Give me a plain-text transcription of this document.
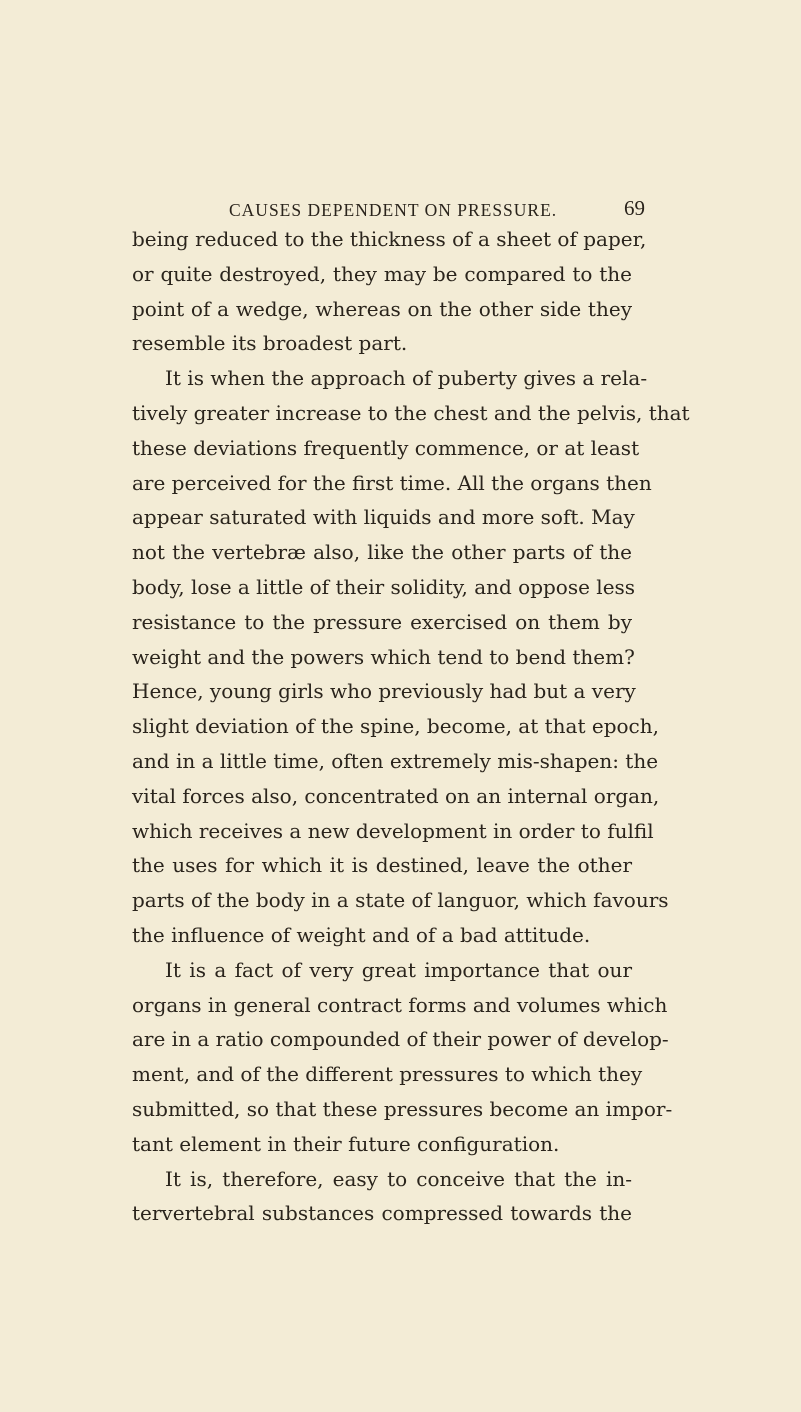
CAUSES DEPENDENT ON PRESSURE.	69
being reduced to the thickness of a sheet of paper,
or quite destroyed, they may be compared to the
point of a wedge, whereas on the other side they
resemble its broadest part.
It is when the approach of puberty gives a rela-
tively greater increase to the chest and the pelvis, that
these deviations frequently commence, or at least
are perceived for the first time. All the organs then
appear saturated with liquids and more soft. May
not the vertebræ also, like the other parts of the
body, lose a little of their solidity, and oppose less
resistance to the pressure exercised on them by
weight and the powers which tend to bend them?
Hence, young girls who previously had but a very
slight deviation of the spine, become, at that epoch,
and in a little time, often extremely mis-shapen: the
vital forces also, concentrated on an internal organ,
which receives a new development in order to fulfil
the uses for which it is destined, leave the other
parts of the body in a state of languor, which favours
the influence of weight and of a bad attitude.
It is a fact of very great importance that our
organs in general contract forms and volumes which
are in a ratio compounded of their power of develop-
ment, and of the different pressures to which they
submitted, so that these pressures become an impor-
tant element in their future configuration.
It is, therefore, easy to conceive that the in-
tervertebral substances compressed towards the
